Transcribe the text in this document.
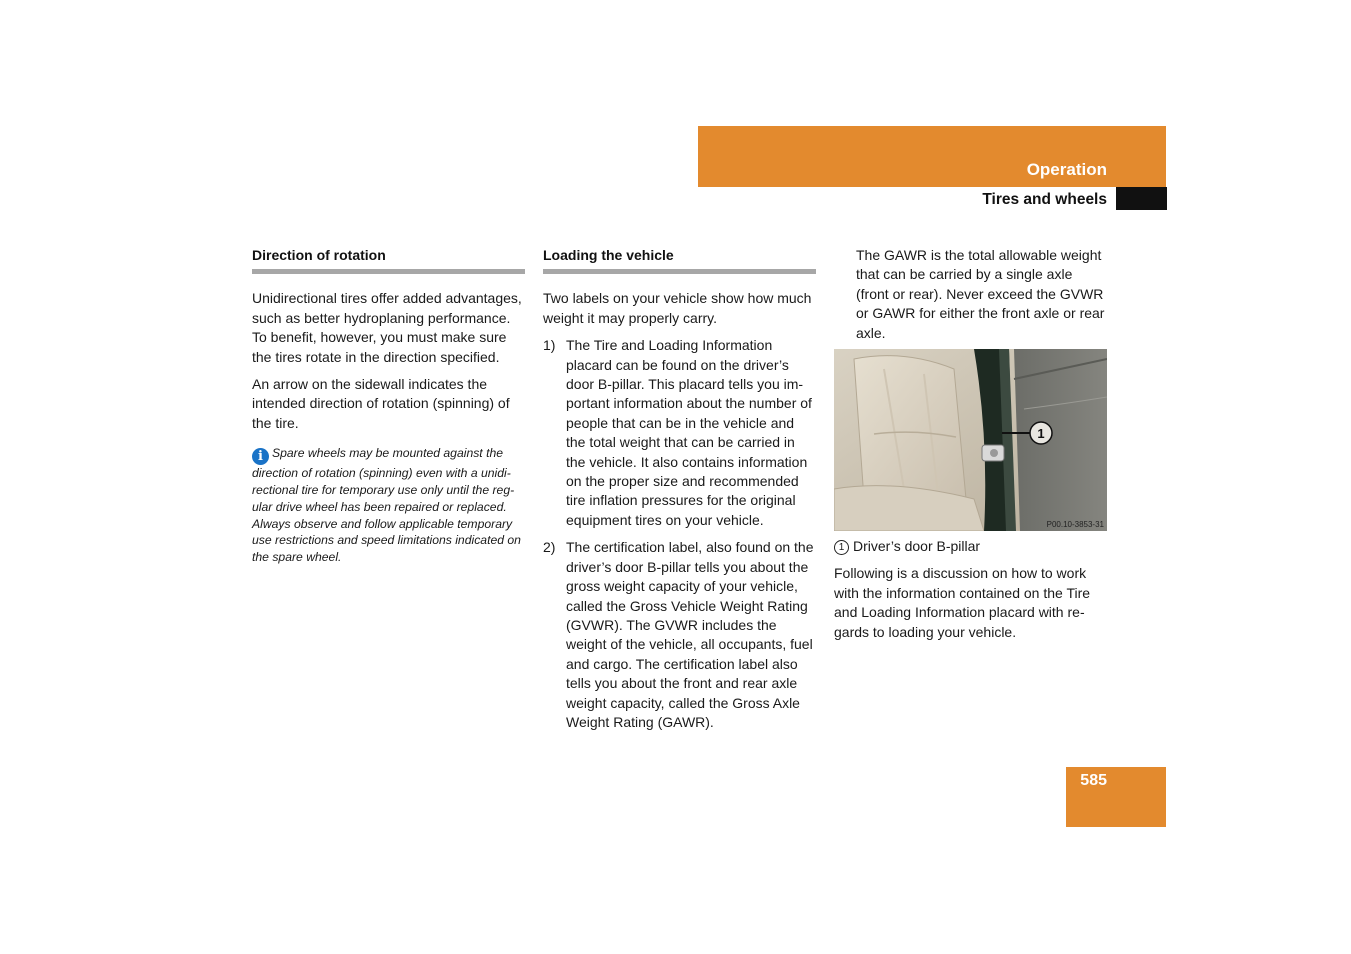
Operation
Tires and wheels
Direction of rotation

Unidirectional tires offer added advantages, such as better hydroplaning performance. To benefit, however, you must make sure the tires rotate in the direction specified.

An arrow on the sidewall indicates the intended direction of rotation (spinning) of the tire.

i Spare wheels may be mounted against the direction of rotation (spinning) even with a unidirectional tire for temporary use only until the regular drive wheel has been repaired or replaced. Always observe and follow applicable temporary use restrictions and speed limitations indicated on the spare wheel.
Loading the vehicle

Two labels on your vehicle show how much weight it may properly carry.

1) The Tire and Loading Information placard can be found on the driver’s door B-pillar. This placard tells you important information about the number of people that can be in the vehicle and the total weight that can be carried in the vehicle. It also contains information on the proper size and recommended tire inflation pressures for the original equipment tires on your vehicle.
2) The certification label, also found on the driver’s door B-pillar tells you about the gross weight capacity of your vehicle, called the Gross Vehicle Weight Rating (GVWR). The GVWR includes the weight of the vehicle, all occupants, fuel and cargo. The certification label also tells you about the front and rear axle weight capacity, called the Gross Axle Weight Rating (GAWR).

The GAWR is the total allowable weight that can be carried by a single axle (front or rear). Never exceed the GVWR or GAWR for either the front axle or rear axle.

1
P00.10-3853-31

1 Driver’s door B-pillar

Following is a discussion on how to work with the information contained on the Tire and Loading Information placard with regards to loading your vehicle.

585
